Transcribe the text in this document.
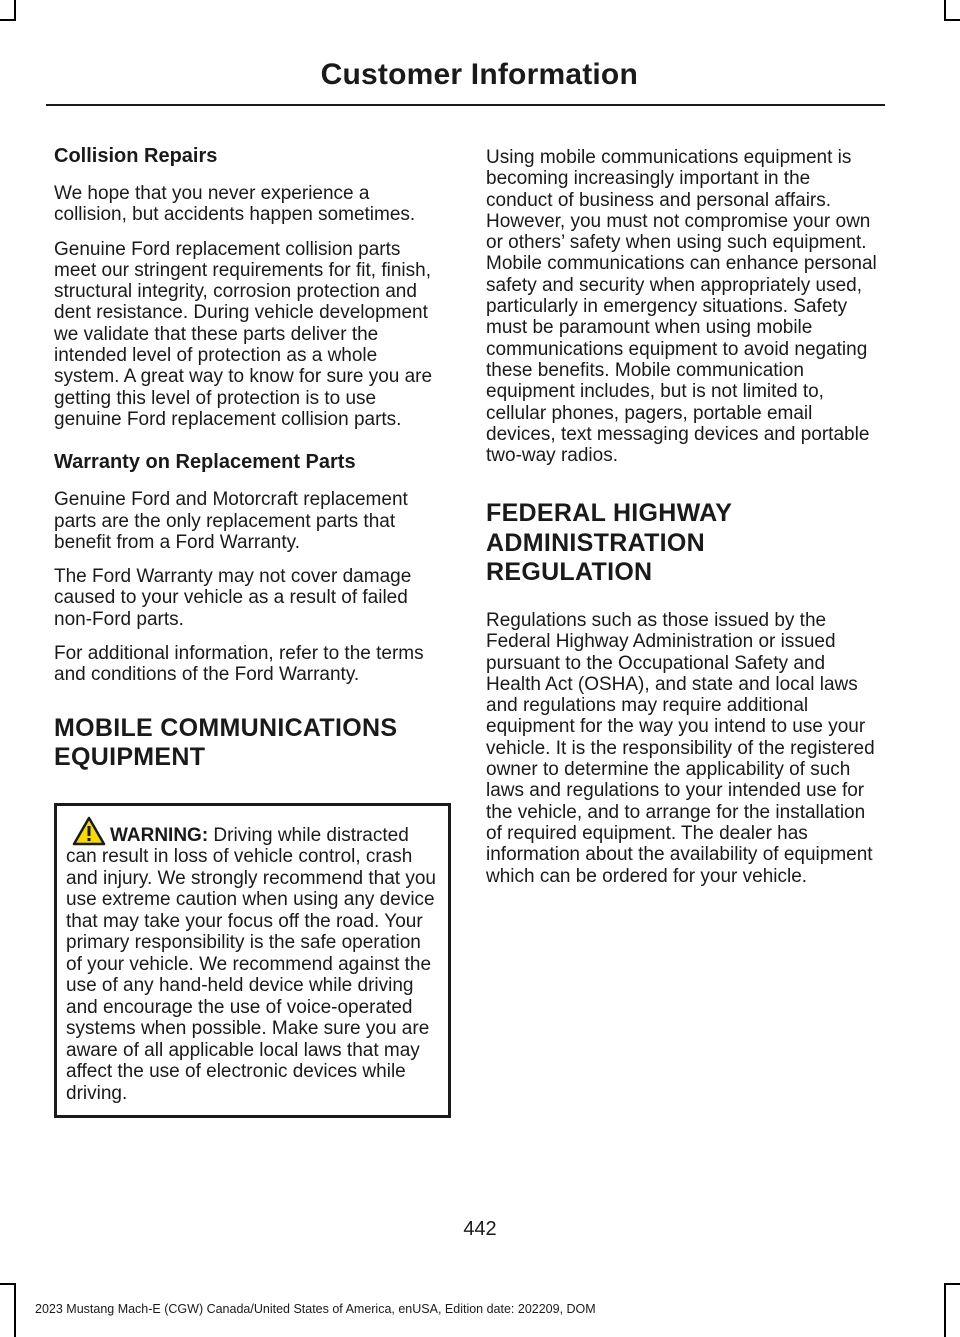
Customer Information
Collision Repairs

We hope that you never experience a collision, but accidents happen sometimes.

Genuine Ford replacement collision parts meet our stringent requirements for fit, finish, structural integrity, corrosion protection and dent resistance. During vehicle development we validate that these parts deliver the intended level of protection as a whole system. A great way to know for sure you are getting this level of protection is to use genuine Ford replacement collision parts.

Warranty on Replacement Parts

Genuine Ford and Motorcraft replacement parts are the only replacement parts that benefit from a Ford Warranty.

The Ford Warranty may not cover damage caused to your vehicle as a result of failed non-Ford parts.

For additional information, refer to the terms and conditions of the Ford Warranty.

MOBILE COMMUNICATIONS
EQUIPMENT

WARNING: Driving while distracted can result in loss of vehicle control, crash and injury. We strongly recommend that you use extreme caution when using any device that may take your focus off the road. Your primary responsibility is the safe operation of your vehicle. We recommend against the use of any hand-held device while driving and encourage the use of voice-operated systems when possible. Make sure you are aware of all applicable local laws that may affect the use of electronic devices while driving.

Using mobile communications equipment is becoming increasingly important in the conduct of business and personal affairs. However, you must not compromise your own or others’ safety when using such equipment. Mobile communications can enhance personal safety and security when appropriately used, particularly in emergency situations. Safety must be paramount when using mobile communications equipment to avoid negating these benefits. Mobile communication equipment includes, but is not limited to, cellular phones, pagers, portable email devices, text messaging devices and portable two-way radios.

FEDERAL HIGHWAY
ADMINISTRATION
REGULATION

Regulations such as those issued by the Federal Highway Administration or issued pursuant to the Occupational Safety and Health Act (OSHA), and state and local laws and regulations may require additional equipment for the way you intend to use your vehicle. It is the responsibility of the registered owner to determine the applicability of such laws and regulations to your intended use for the vehicle, and to arrange for the installation of required equipment. The dealer has information about the availability of equipment which can be ordered for your vehicle.

442
2023 Mustang Mach-E (CGW) Canada/United States of America, enUSA, Edition date: 202209, DOM
